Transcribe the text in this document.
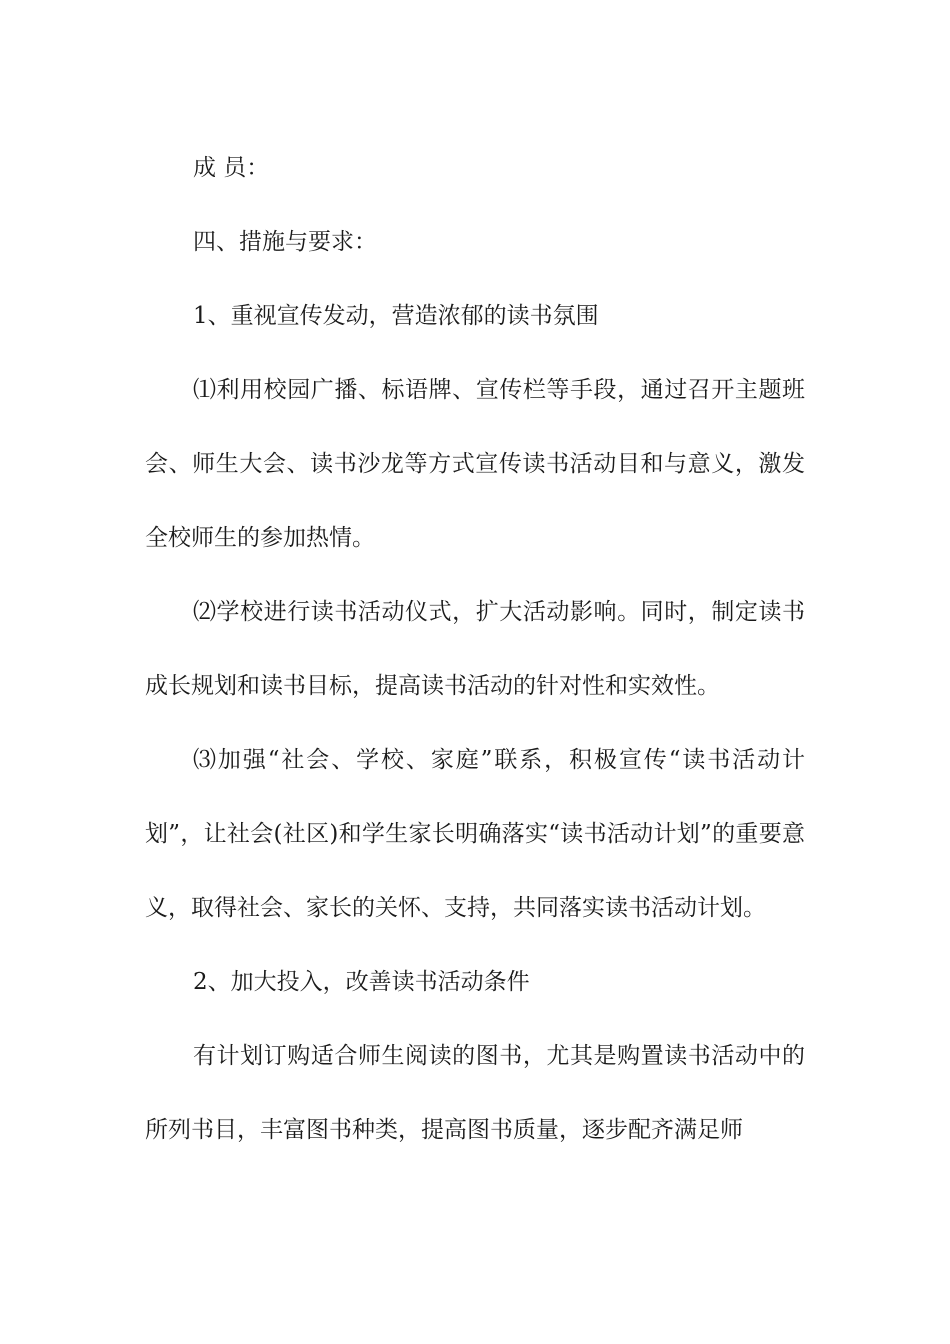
成 员：

四、措施与要求：

1、重视宣传发动，营造浓郁的读书氛围

⑴利用校园广播、标语牌、宣传栏等手段，通过召开主题班会、师生大会、读书沙龙等方式宣传读书活动目和与意义，激发全校师生的参加热情。

⑵学校进行读书活动仪式，扩大活动影响。同时，制定读书成长规划和读书目标，提高读书活动的针对性和实效性。

⑶加强“社会、学校、家庭”联系，积极宣传“读书活动计划”，让社会(社区)和学生家长明确落实“读书活动计划”的重要意义，取得社会、家长的关怀、支持，共同落实读书活动计划。

2、加大投入，改善读书活动条件

有计划订购适合师生阅读的图书，尤其是购置读书活动中的所列书目，丰富图书种类，提高图书质量，逐步配齐满足师
